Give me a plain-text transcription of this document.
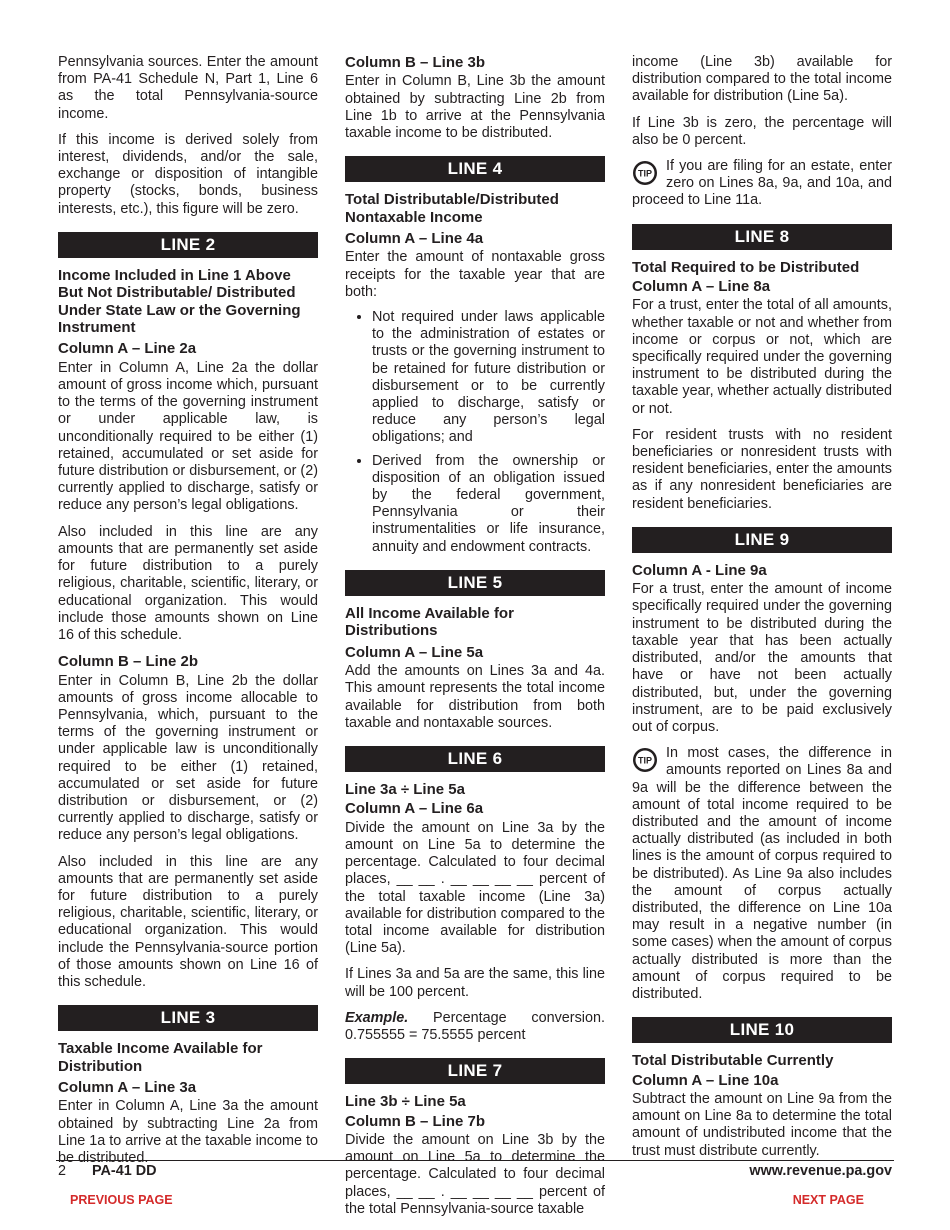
Pennsylvania sources. Enter the amount from PA-41 Schedule N, Part 1, Line 6 as the total Pennsylvania-source income.

If this income is derived solely from interest, dividends, and/or the sale, exchange or disposition of intangible property (stocks, bonds, business interests, etc.), this figure will be zero.

LINE 2
Income Included in Line 1 Above But Not Distributable/ Distributed Under State Law or the Governing Instrument
Column A – Line 2a

Enter in Column A, Line 2a the dollar amount of gross income which, pursuant to the terms of the governing instrument or under applicable law, is unconditionally required to be either (1) retained, accumulated or set aside for future distribution or disbursement, or (2) currently applied to discharge, satisfy or reduce any person’s legal obligations.

Also included in this line are any amounts that are permanently set aside for future distribution to a purely religious, charitable, scientific, literary, or educational organization. This would include those amounts shown on Line 16 of this schedule.

Column B – Line 2b

Enter in Column B, Line 2b the dollar amounts of gross income allocable to Pennsylvania, which, pursuant to the terms of the governing instrument or under applicable law is unconditionally required to be either (1) retained, accumulated or set aside for future distribution or disbursement, or (2) currently applied to discharge, satisfy or reduce any person’s legal obligations.

Also included in this line are any amounts that are permanently set aside for future distribution to a purely religious, charitable, scientific, literary, or educational organization. This would include the Pennsylvania-source portion of those amounts shown on Line 16 of this schedule.

LINE 3
Taxable Income Available for Distribution
Column A – Line 3a

Enter in Column A, Line 3a the amount obtained by subtracting Line 2a from Line 1a to arrive at the taxable income to be distributed.

Column B – Line 3b

Enter in Column B, Line 3b the amount obtained by subtracting Line 2b from Line 1b to arrive at the Pennsylvania taxable income to be distributed.

LINE 4
Total Distributable/Distributed Nontaxable Income
Column A – Line 4a

Enter the amount of nontaxable gross receipts for the taxable year that are both:

• Not required under laws applicable to the administration of estates or trusts or the governing instrument to be retained for future distribution or disbursement or to be currently applied to discharge, satisfy or reduce any person’s legal obligations; and
• Derived from the ownership or disposition of an obligation issued by the federal government, Pennsylvania or their instrumentalities or life insurance, annuity and endowment contracts.
LINE 5
All Income Available for Distributions
Column A – Line 5a

Add the amounts on Lines 3a and 4a. This amount represents the total income available for distribution from both taxable and nontaxable sources.

LINE 6
Line 3a ÷ Line 5a
Column A – Line 6a

Divide the amount on Line 3a by the amount on Line 5a to determine the percentage. Calculated to four decimal places, __ __ . __ __ __ __ percent of the total taxable income (Line 3a) available for distribution compared to the total income available for distribution (Line 5a).

If Lines 3a and 5a are the same, this line will be 100 percent.

Example. Percentage conversion. 0.755555 = 75.5555 percent

LINE 7
Line 3b ÷ Line 5a
Column B – Line 7b

Divide the amount on Line 3b by the amount on Line 5a to determine the percentage. Calculated to four decimal places, __ __ . __ __ __ __ percent of the total Pennsylvania-source taxable

income (Line 3b) available for distribution compared to the total income available for distribution (Line 5a).

If Line 3b is zero, the percentage will also be 0 percent.

TIP If you are filing for an estate, enter zero on Lines 8a, 9a, and 10a, and proceed to Line 11a.

LINE 8
Total Required to be Distributed
Column A – Line 8a

For a trust, enter the total of all amounts, whether taxable or not and whether from income or corpus or not, which are specifically required under the governing instrument to be distributed during the taxable year, whether actually distributed or not.

For resident trusts with no resident beneficiaries or nonresident trusts with resident beneficiaries, enter the amounts as if any nonresident beneficiaries are resident beneficiaries.

LINE 9
Column A - Line 9a

For a trust, enter the amount of income specifically required under the governing instrument to be distributed during the taxable year that has been actually distributed, and/or the amounts that have or have not been actually distributed, but, under the governing instrument, are to be paid exclusively out of corpus.

TIP In most cases, the difference in amounts reported on Lines 8a and 9a will be the difference between the amount of total income required to be distributed and the amount of income actually distributed (as included in both lines is the amount of corpus required to be distributed). As Line 9a also includes the amount of corpus actually distributed, the difference on Line 10a may result in a negative number (in some cases) when the amount of corpus actually distributed is more than the amount of corpus required to be distributed.

LINE 10
Total Distributable Currently
Column A – Line 10a

Subtract the amount on Line 9a from the amount on Line 8a to determine the total amount of undistributed income that the trust must distribute currently.

2 PA-41 DD	www.revenue.pa.gov
PREVIOUS PAGE	NEXT PAGE
